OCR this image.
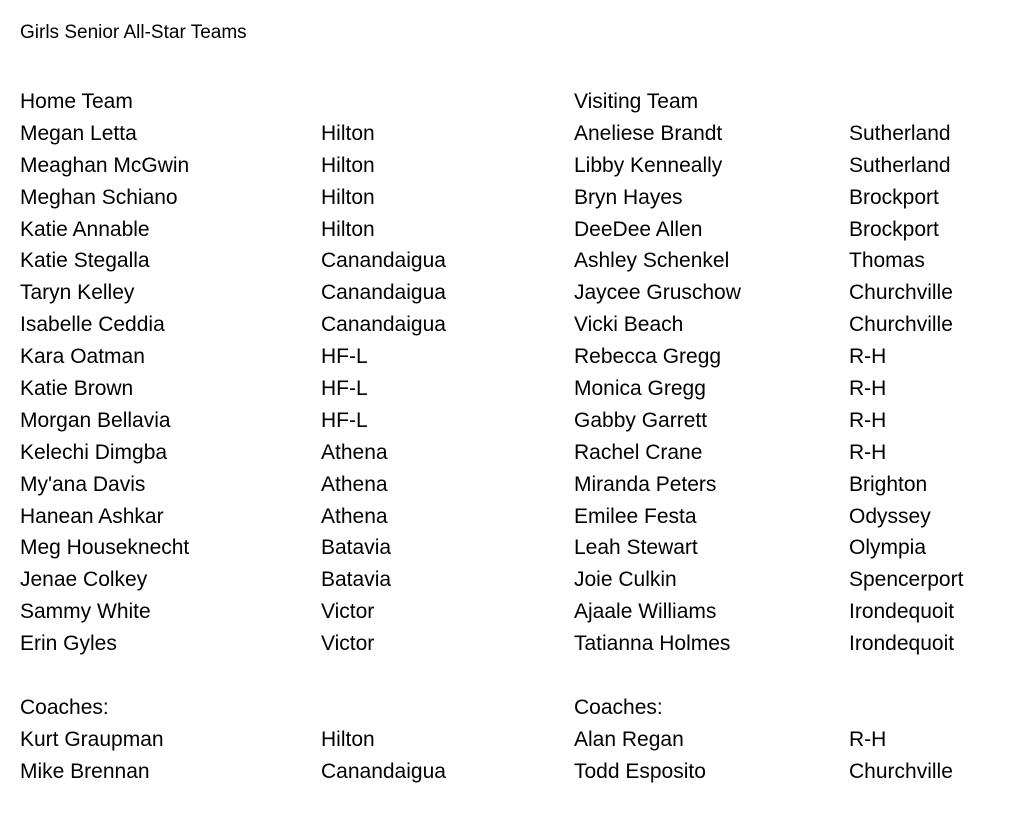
Girls Senior All-Star Teams
Home Team
Megan Letta
Meaghan McGwin
Meghan Schiano
Katie Annable
Katie Stegalla
Taryn Kelley
Isabelle Ceddia
Kara Oatman
Katie Brown
Morgan Bellavia
Kelechi Dimgba
My'ana Davis
Hanean Ashkar
Meg Houseknecht
Jenae Colkey
Sammy White
Erin Gyles
Coaches:
Kurt Graupman
Mike Brennan
Hilton
Hilton
Hilton
Hilton
Canandaigua
Canandaigua
Canandaigua
HF-L
HF-L
HF-L
Athena
Athena
Athena
Batavia
Batavia
Victor
Victor
Hilton
Canandaigua
Visiting Team
Aneliese Brandt
Libby Kenneally
Bryn Hayes
DeeDee Allen
Ashley Schenkel
Jaycee Gruschow
Vicki Beach
Rebecca Gregg
Monica Gregg
Gabby Garrett
Rachel Crane
Miranda Peters
Emilee Festa
Leah Stewart
Joie Culkin
Ajaale Williams
Tatianna Holmes
Coaches:
Alan Regan
Todd Esposito
Sutherland
Sutherland
Brockport
Brockport
Thomas
Churchville
Churchville
R-H
R-H
R-H
R-H
Brighton
Odyssey
Olympia
Spencerport
Irondequoit
Irondequoit
R-H
Churchville
